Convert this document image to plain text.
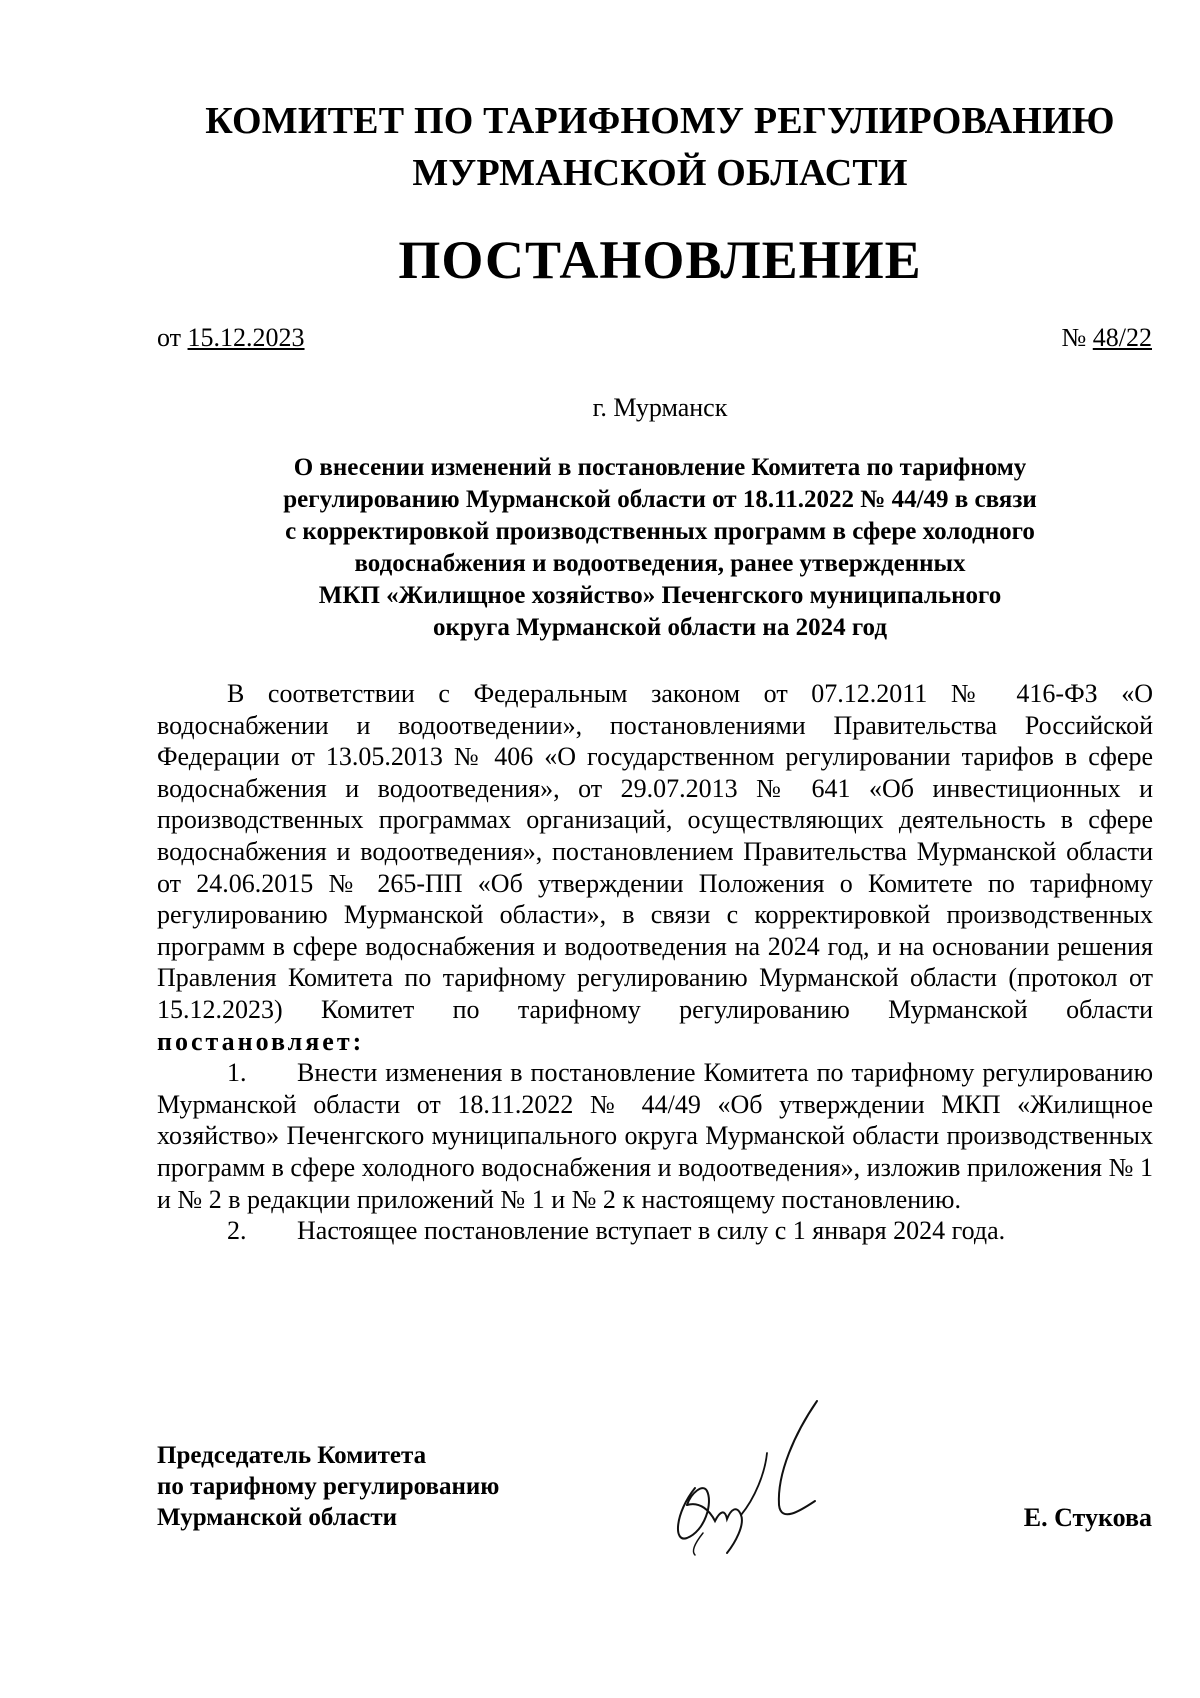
КОМИТЕТ ПО ТАРИФНОМУ РЕГУЛИРОВАНИЮ
МУРМАНСКОЙ ОБЛАСТИ
ПОСТАНОВЛЕНИЕ
от 15.12.2023	№ 48/22
г. Мурманск
О внесении изменений в постановление Комитета по тарифному
регулированию Мурманской области от 18.11.2022 № 44/49 в связи
с корректировкой производственных программ в сфере холодного
водоснабжения и водоотведения, ранее утвержденных
МКП «Жилищное хозяйство» Печенгского муниципального
округа Мурманской области на 2024 год

В соответствии с Федеральным законом от 07.12.2011 № 416-ФЗ «О водоснабжении и водоотведении», постановлениями Правительства Российской Федерации от 13.05.2013 № 406 «О государственном регулировании тарифов в сфере водоснабжения и водоотведения», от 29.07.2013 № 641 «Об инвестиционных и производственных программах организаций, осуществляющих деятельность в сфере водоснабжения и водоотведения», постановлением Правительства Мурманской области от 24.06.2015 № 265-ПП «Об утверждении Положения о Комитете по тарифному регулированию Мурманской области», в связи с корректировкой производственных программ в сфере водоснабжения и водоотведения на 2024 год, и на основании решения Правления Комитета по тарифному регулированию Мурманской области (протокол от 15.12.2023) Комитет по тарифному регулированию Мурманской области постановляет:

1. Внести изменения в постановление Комитета по тарифному регулированию Мурманской области от 18.11.2022 № 44/49 «Об утверждении МКП «Жилищное хозяйство» Печенгского муниципального округа Мурманской области производственных программ в сфере холодного водоснабжения и водоотведения», изложив приложения № 1 и № 2 в редакции приложений № 1 и № 2 к настоящему постановлению.

2. Настоящее постановление вступает в силу с 1 января 2024 года.

Председатель Комитета
по тарифному регулированию
Мурманской области	Е. Стукова
